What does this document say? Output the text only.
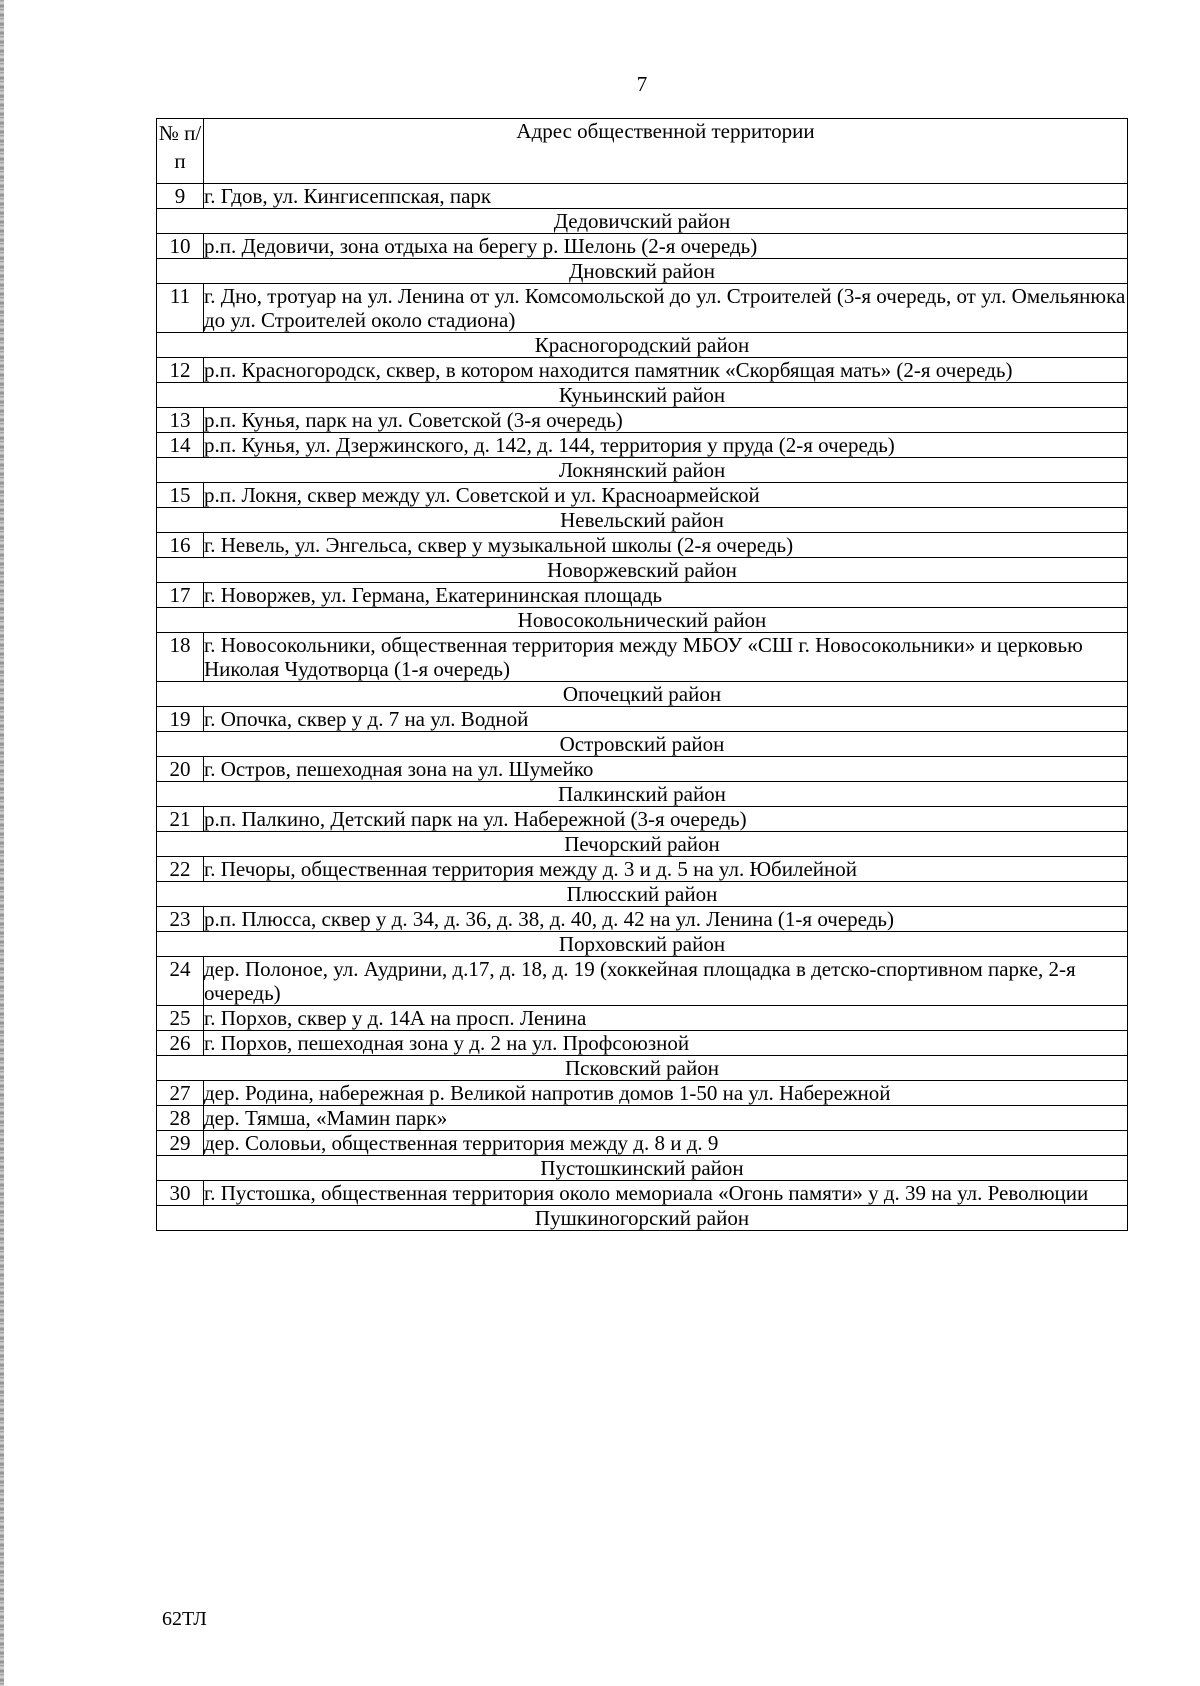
7
№ п/п	Адрес общественной территории
9	г. Гдов, ул. Кингисеппская, парк
Дедовичский район	
10	р.п. Дедовичи, зона отдыха на берегу р. Шелонь (2-я очередь)
Дновский район	
11	г. Дно, тротуар на ул. Ленина от ул. Комсомольской до ул. Строителей (3-я очередь, от ул. Омельянюка до ул. Строителей около стадиона)
Красногородский район	
12	р.п. Красногородск, сквер, в котором находится памятник «Скорбящая мать» (2-я очередь)
Куньинский район	
13	р.п. Кунья, парк на ул. Советской (3-я очередь)
14	р.п. Кунья, ул. Дзержинского, д. 142, д. 144, территория у пруда (2-я очередь)
Локнянский район	
15	р.п. Локня, сквер между ул. Советской и ул. Красноармейской
Невельский район	
16	г. Невель, ул. Энгельса, сквер у музыкальной школы (2-я очередь)
Новоржевский район	
17	г. Новоржев, ул. Германа, Екатерининская площадь
Новосокольнический район	
18	г. Новосокольники, общественная территория между МБОУ «СШ г. Новосокольники» и церковью Николая Чудотворца (1-я очередь)
Опочецкий район	
19	г. Опочка, сквер у д. 7 на ул. Водной
Островский район	
20	г. Остров, пешеходная зона на ул. Шумейко
Палкинский район	
21	р.п. Палкино, Детский парк на ул. Набережной (3-я очередь)
Печорский район	
22	г. Печоры, общественная территория между д. 3 и д. 5 на ул. Юбилейной
Плюсский район	
23	р.п. Плюсса, сквер у д. 34, д. 36, д. 38, д. 40, д. 42 на ул. Ленина (1-я очередь)
Порховский район	
24	дер. Полоное, ул. Аудрини, д.17, д. 18, д. 19 (хоккейная площадка в детско-спортивном парке, 2-я очередь)
25	г. Порхов, сквер у д. 14А на просп. Ленина
26	г. Порхов, пешеходная зона у д. 2 на ул. Профсоюзной
Псковский район	
27	дер. Родина, набережная р. Великой напротив домов 1-50 на ул. Набережной
28	дер. Тямша, «Мамин парк»
29	дер. Соловьи, общественная территория между д. 8 и д. 9
Пустошкинский район	
30	г. Пустошка, общественная территория около мемориала «Огонь памяти» у д. 39 на ул. Революции
Пушкиногорский район	
62ТЛ
